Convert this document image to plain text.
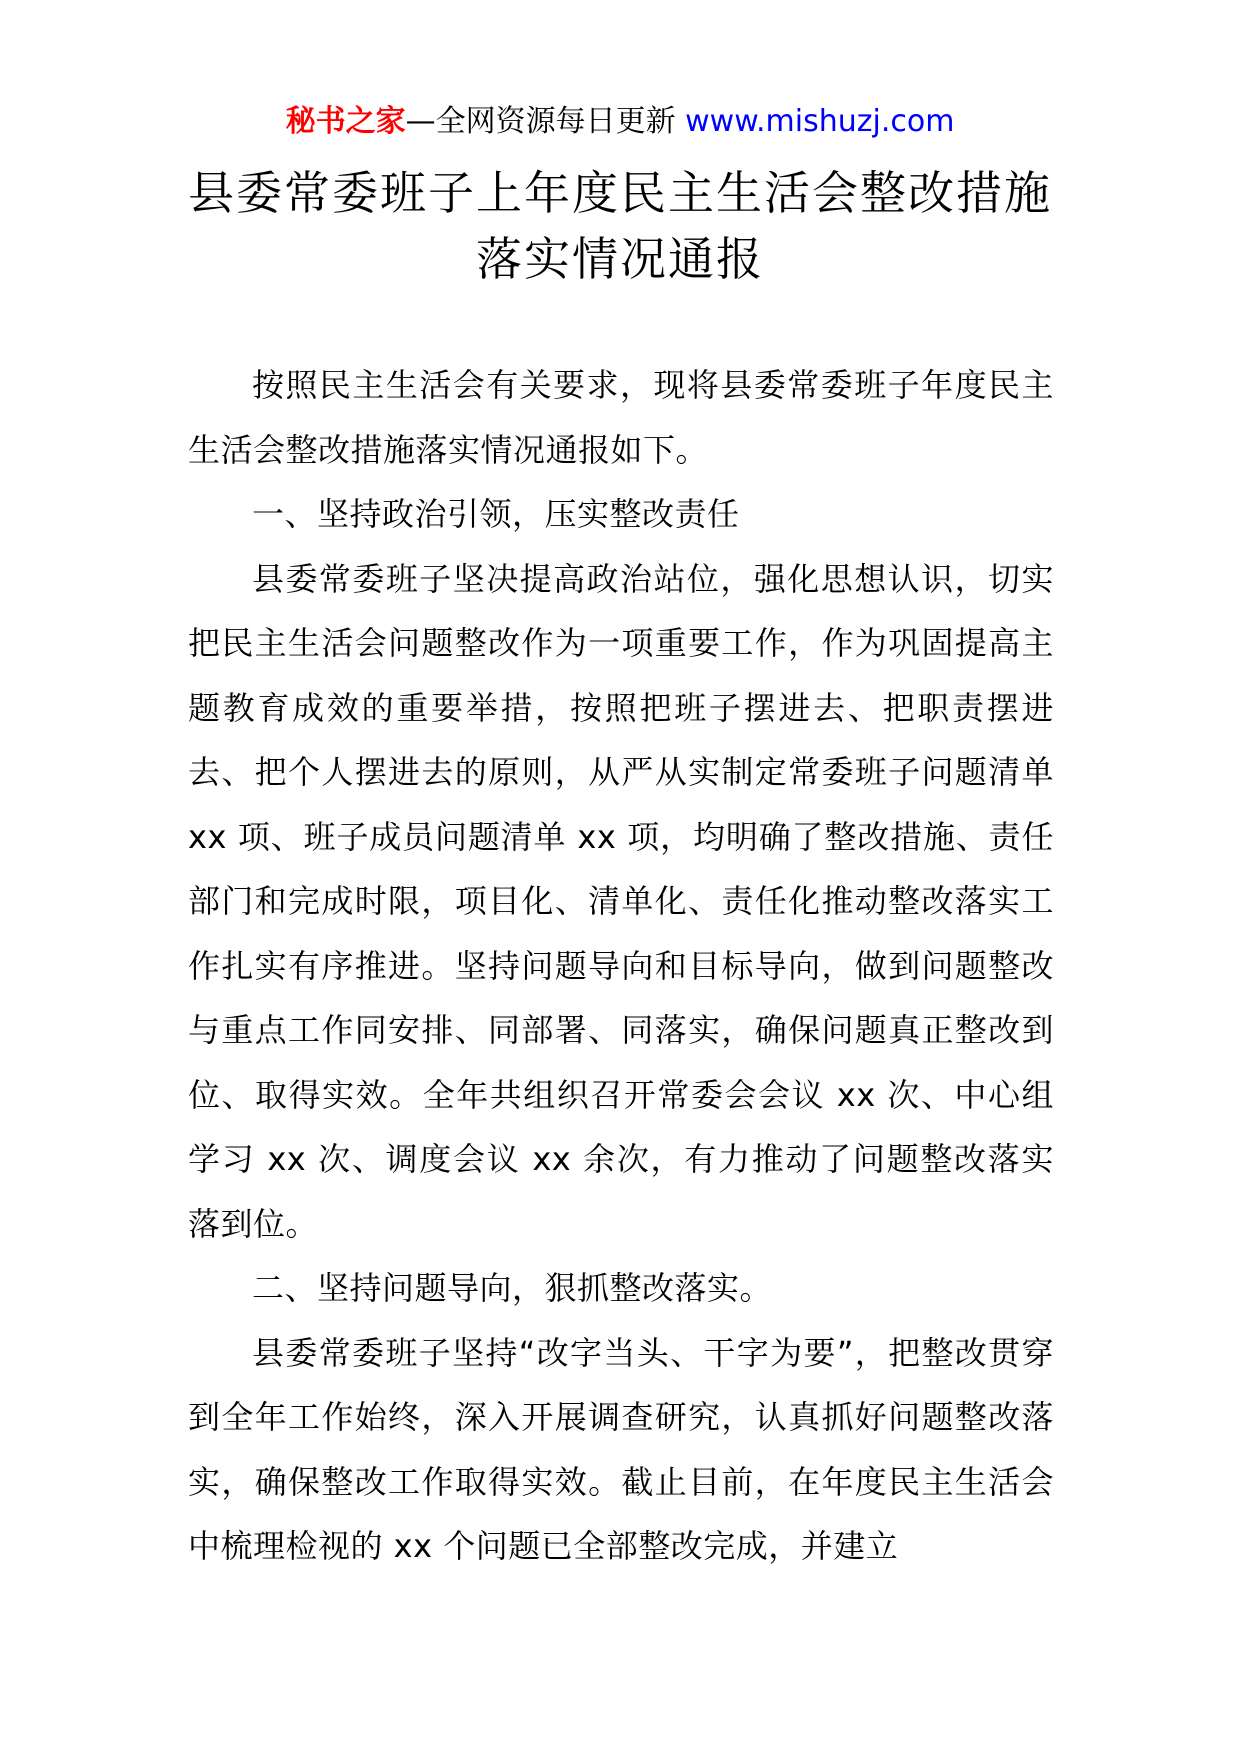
秘书之家—全网资源每日更新 www.mishuzj.com
县委常委班子上年度民主生活会整改措施
落实情况通报

按照民主生活会有关要求，现将县委常委班子年度民主生活会整改措施落实情况通报如下。

一、坚持政治引领，压实整改责任

县委常委班子坚决提高政治站位，强化思想认识，切实把民主生活会问题整改作为一项重要工作，作为巩固提高主题教育成效的重要举措，按照把班子摆进去、把职责摆进去、把个人摆进去的原则，从严从实制定常委班子问题清单 xx 项、班子成员问题清单 xx 项，均明确了整改措施、责任部门和完成时限，项目化、清单化、责任化推动整改落实工作扎实有序推进。坚持问题导向和目标导向，做到问题整改与重点工作同安排、同部署、同落实，确保问题真正整改到位、取得实效。全年共组织召开常委会会议 xx 次、中心组学习 xx 次、调度会议 xx 余次，有力推动了问题整改落实落到位。

二、坚持问题导向，狠抓整改落实。

县委常委班子坚持“改字当头、干字为要”，把整改贯穿到全年工作始终，深入开展调查研究，认真抓好问题整改落实，确保整改工作取得实效。截止目前，在年度民主生活会中梳理检视的 xx 个问题已全部整改完成，并建立
